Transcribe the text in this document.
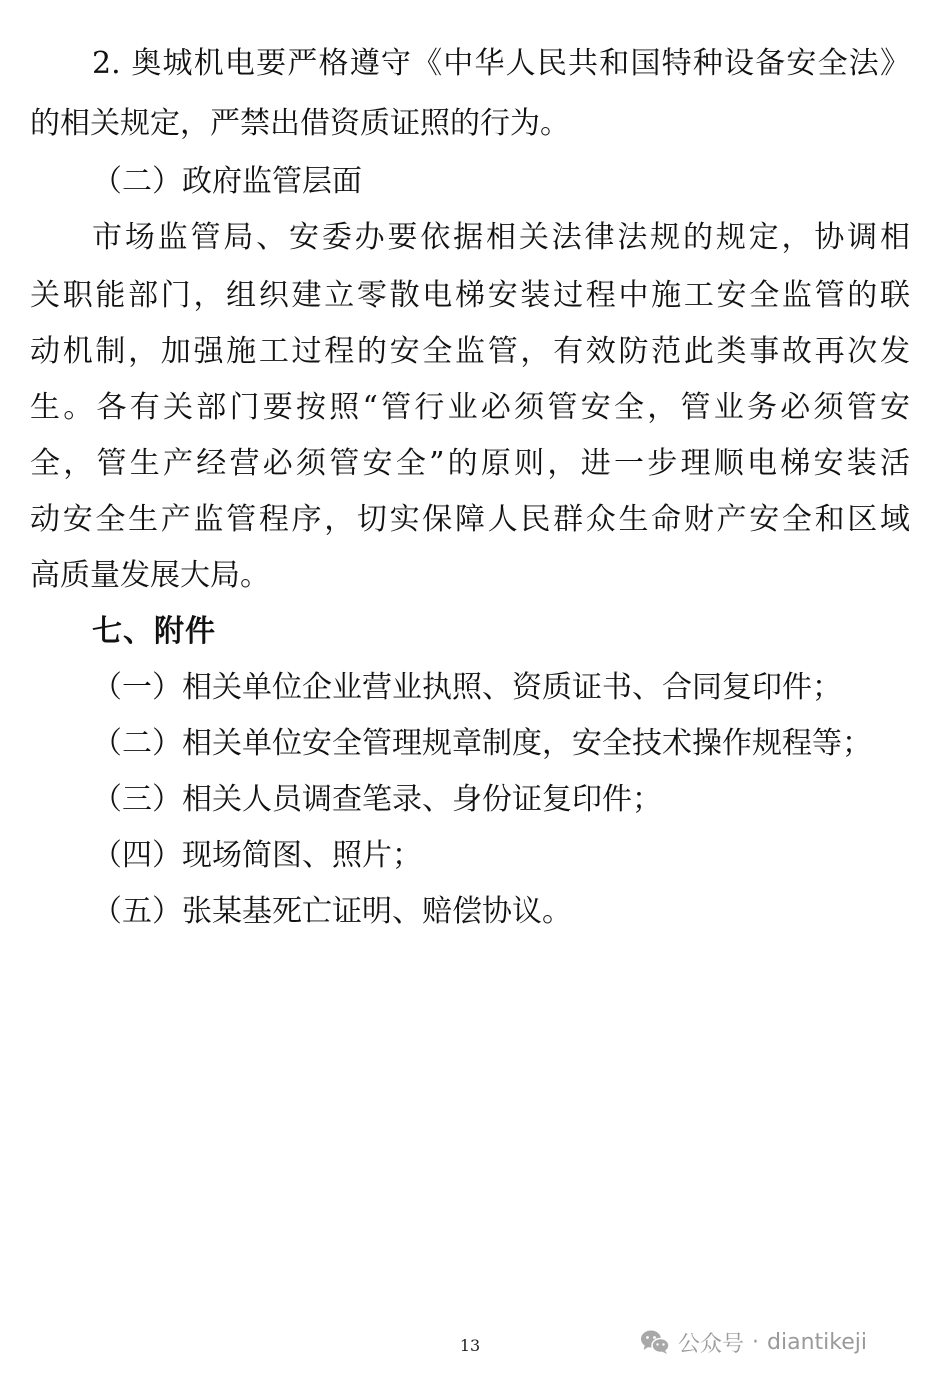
2. 奥城机电要严格遵守《中华人民共和国特种设备安全法》
的相关规定，严禁出借资质证照的行为。
（二）政府监管层面
市场监管局、安委办要依据相关法律法规的规定，协调相
关职能部门，组织建立零散电梯安装过程中施工安全监管的联
动机制，加强施工过程的安全监管，有效防范此类事故再次发
生。各有关部门要按照“管行业必须管安全，管业务必须管安
全，管生产经营必须管安全”的原则，进一步理顺电梯安装活
动安全生产监管程序，切实保障人民群众生命财产安全和区域
高质量发展大局。
七、附件
（一）相关单位企业营业执照、资质证书、合同复印件；
（二）相关单位安全管理规章制度，安全技术操作规程等；
（三）相关人员调查笔录、身份证复印件；
（四）现场简图、照片；
（五）张某基死亡证明、赔偿协议。
13	公众号 · diantikeji
